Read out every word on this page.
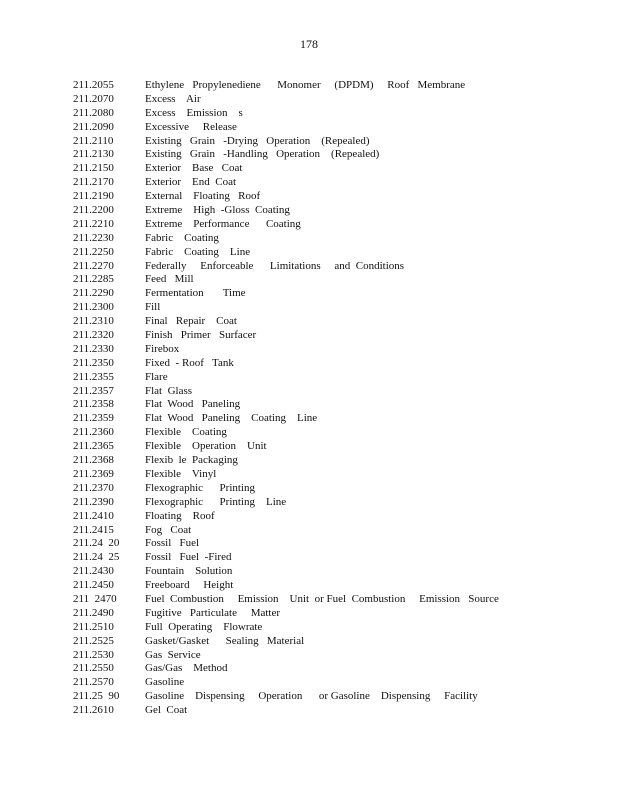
178
211.2055	Ethylene   Propylenediene      Monomer     (DPDM)     Roof   Membrane
211.2070	Excess    Air
211.2080	Excess    Emission    s
211.2090	Excessive     Release
211.2110	Existing   Grain   -Drying   Operation    (Repealed)
211.2130	Existing   Grain   -Handling   Operation    (Repealed)
211.2150	Exterior    Base   Coat
211.2170	Exterior    End  Coat
211.2190	External    Floating   Roof
211.2200	Extreme    High  -Gloss  Coating
211.2210	Extreme    Performance      Coating
211.2230	Fabric    Coating
211.2250	Fabric    Coating    Line
211.2270	Federally     Enforceable      Limitations     and  Conditions
211.2285	Feed   Mill
211.2290	Fermentation       Time
211.2300	Fill
211.2310	Final   Repair    Coat
211.2320	Finish   Primer   Surfacer
211.2330	Firebox
211.2350	Fixed  - Roof   Tank
211.2355	Flare
211.2357	Flat  Glass
211.2358	Flat  Wood   Paneling
211.2359	Flat  Wood   Paneling    Coating    Line
211.2360	Flexible    Coating
211.2365	Flexible    Operation    Unit
211.2368	Flexib  le  Packaging
211.2369	Flexible    Vinyl
211.2370	Flexographic      Printing
211.2390	Flexographic      Printing    Line
211.2410	Floating    Roof
211.2415	Fog   Coat
211.24  20	Fossil   Fuel
211.24  25	Fossil   Fuel  -Fired
211.2430	Fountain    Solution
211.2450	Freeboard     Height
211  2470	Fuel  Combustion     Emission    Unit  or Fuel  Combustion     Emission   Source
211.2490	Fugitive   Particulate     Matter
211.2510	Full  Operating    Flowrate
211.2525	Gasket/Gasket      Sealing   Material
211.2530	Gas  Service
211.2550	Gas/Gas    Method
211.2570	Gasoline
211.25  90	Gasoline    Dispensing     Operation      or Gasoline    Dispensing     Facility
211.2610	Gel  Coat
